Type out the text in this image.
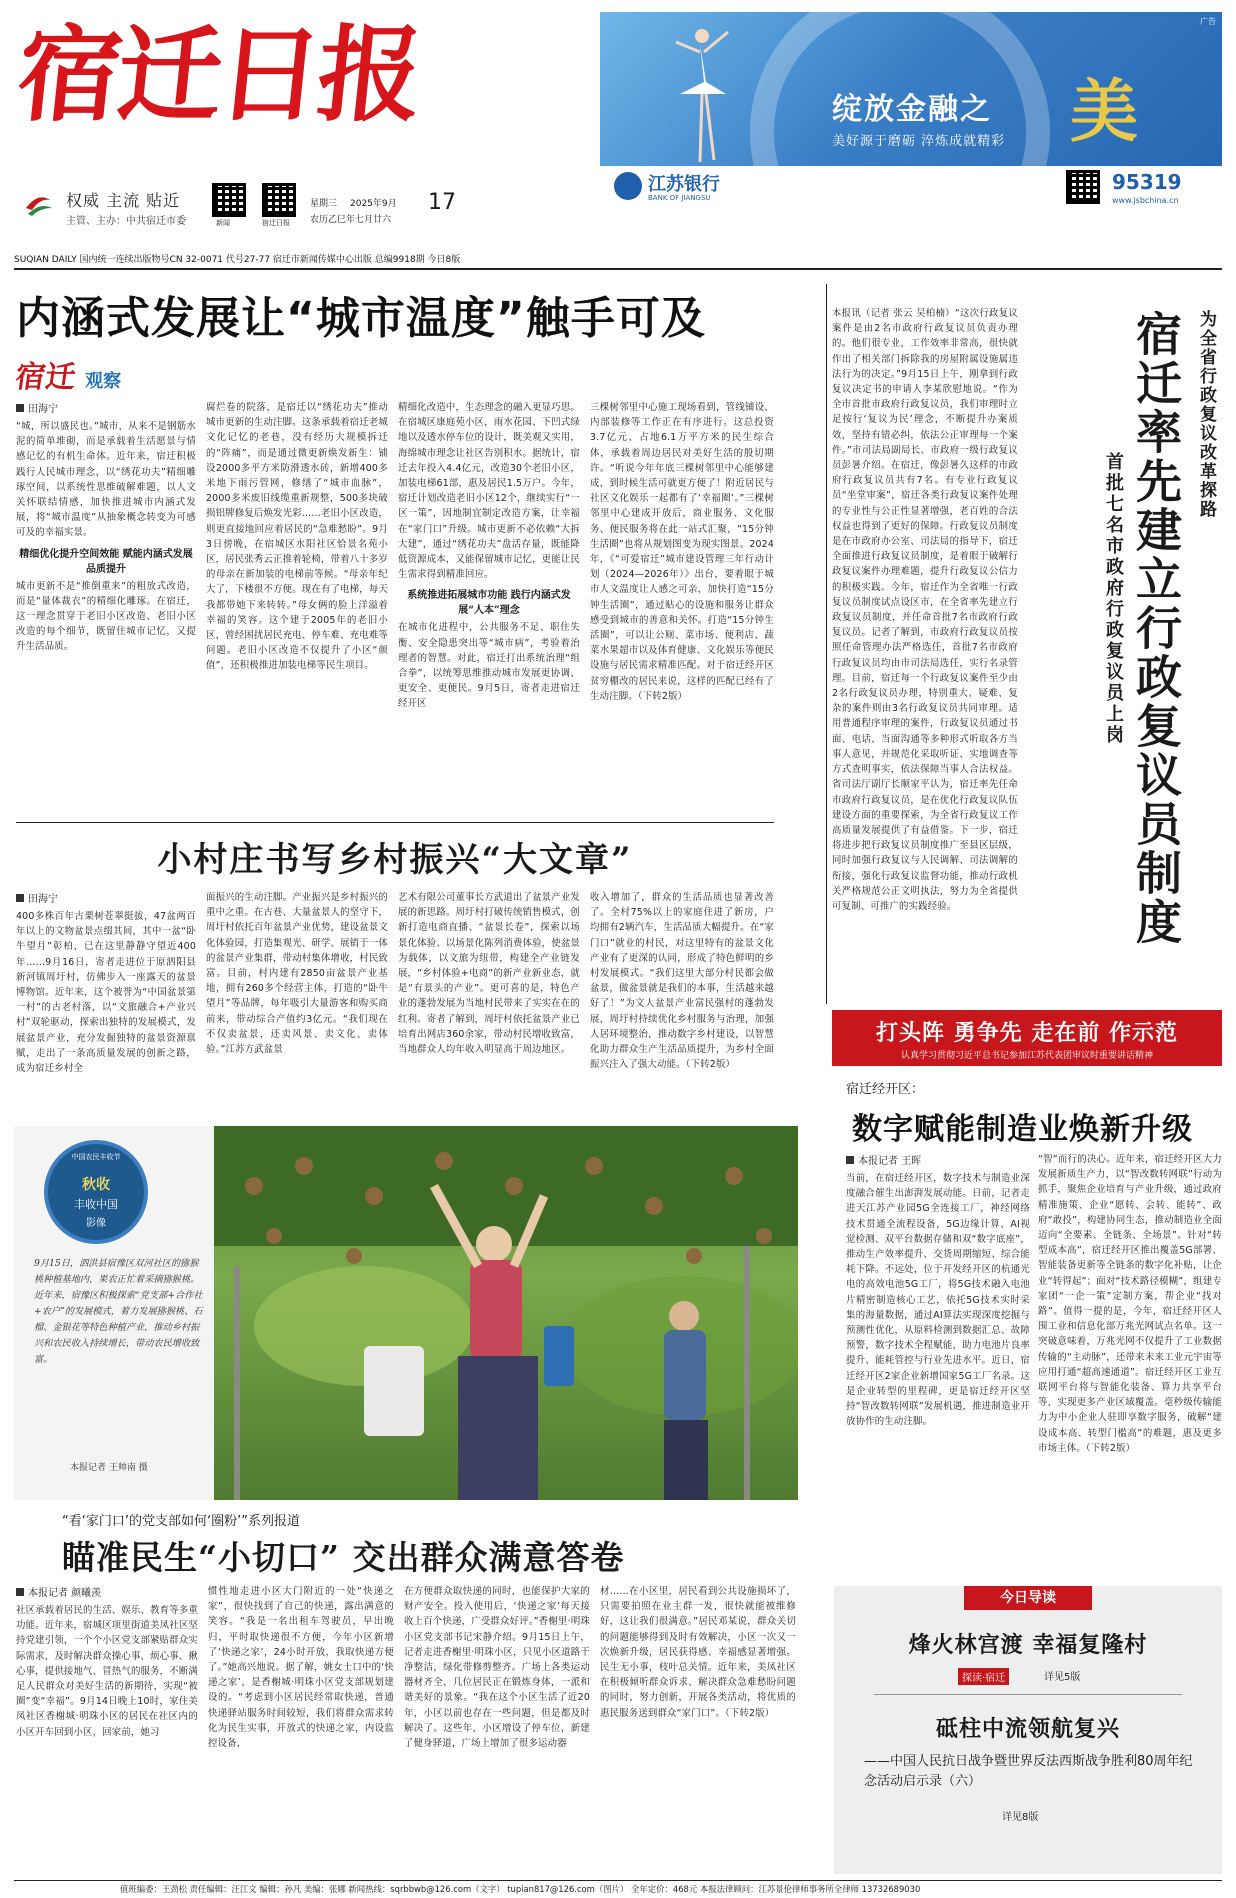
宿迁日报
权威 主流 贴近
主管、主办：中共宿迁市委	新闻	宿迁日报
星期三 2025年9月
农历乙巳年七月廿六
17
广告
绽放金融之 美
美好源于磨砺 淬炼成就精彩
江苏银行
BANK OF JIANGSU
95319
www.jsbchina.cn
SUQIAN DAILY 国内统一连续出版物号CN 32-0071 代号27-77 宿迁市新闻传媒中心出版 总编9918期 今日8版
内涵式发展让“城市温度”触手可及
宿迁 观察
田海宁
“城，所以盛民也。”城市，从来不是钢筋水泥的简单堆砌，而是承载着生活愿景与情感记忆的有机生命体。近年来，宿迁积极践行人民城市理念，以“绣花功夫”精细雕琢空间，以系统性思维破解难题，以人文关怀联结情感，加快推进城市内涵式发展，将“城市温度”从抽象概念转变为可感可及的幸福实景。
精细优化提升空间效能 赋能内涵式发展品质提升
城市更新不是“推倒重来”的粗放式改造，而是“量体裁衣”的精细化雕琢。在宿迁，这一理念贯穿于老旧小区改造、老旧小区改造的每个细节，既留住城市记忆，又提升生活品质。
腐烂卷的院落，是宿迁以“绣花功夫”推动城市更新的生动注脚。这条承载着宿迁老城文化记忆的老巷，没有经历大规模拆迁的“阵痛”，而是通过微更新焕发新生：铺设2000多平方米防滑透水砖，新增400多米地下雨污管网，修缮了“城市血脉”，2000多米废旧线缆重新规整，500多块破损铝牌修复后焕发光彩……老旧小区改造，则更直接地回应着居民的“急难愁盼”。9月3日傍晚，在宿城区水阳社区恰景名苑小区，居民张秀云正推着轮椅，带着八十多岁的母亲在新加装的电梯前等候。“母亲年纪大了，下楼很不方便。现在有了电梯，每天我都带她下来转转。”母女俩的脸上洋溢着幸福的笑容。这个建于2005年的老旧小区，曾经困扰居民充电、停车难、充电难等问题。老旧小区改造不仅提升了小区“颜值”，还积极推进加装电梯等民生项目。
精细化改造中，生态理念的融入更显巧思。在宿城区康庭苑小区，雨水花园、下凹式绿地以及透水停车位的设计，既美观又实用，海绵城市理念让社区告别积水。据统计，宿迁去年投入4.4亿元，改造30个老旧小区，加装电梯61部，惠及居民1.5万户。今年，宿迁计划改造老旧小区12个，继续实行“一区一策”，因地制宜制定改造方案，让幸福在“家门口”升级。城市更新不必依赖“大拆大建”，通过“绣花功夫”盘活存量，既能降低资源成本，又能保留城市记忆，更能让民生需求得到精准回应。
系统推进拓展城市功能 践行内涵式发展“人本”理念
在城市化进程中，公共服务不足、职住失衡、安全隐患突出等“城市病”，考验着治理者的智慧。对此，宿迁打出系统治理“组合拳”，以统筹思维推动城市发展更协调、更安全、更便民。9月5日，寄者走进宿迁经开区
三棵树邻里中心施工现场看到，管线铺设、内部装修等工作正在有序进行。这总投资3.7亿元、占地6.1万平方米的民生综合体，承载着周边居民对美好生活的殷切期许。“听说今年年底三棵树邻里中心能够建成，到时候生活可就更方便了！附近居民与社区文化娱乐一起都有了‘幸福圈’。”三棵树邻里中心建成开放后，商业服务、文化服务、便民服务将在此一站式汇聚，“15分钟生活圈”也将从规划图变为现实图景。2024年，《“可爱宿迁”城市建设管理三年行动计划（2024—2026年）》出台，要着眼于城市人文温度让人感之可亲，加快打造“15分钟生活圈”，通过贴心的设施和服务让群众感受到城市的善意和关怀。打造“15分钟生活圈”，可以让公厕、菜市场、便利店、蔬菜水果超市以及体育健康、文化娱乐等便民设施与居民需求精准匹配。对于宿迁经开区贫穷棚改的居民来说，这样的匹配已经有了生动注脚。（下转2版）
本报讯（记者 张云 吴柏楠）“这次行政复议案件是由2名市政府行政复议员负责办理的。他们很专业，工作效率非常高，很快就作出了相关部门拆除我的房屋附属设施属违法行为的决定。”9月15日上午，刚拿到行政复议决定书的申请人李某欣慰地说。“作为全市首批市政府行政复议员，我们审理时立足按行‘复议为民’理念，不断提升办案质效，坚持有错必纠，依法公正审理每一个案件。”市司法局副局长、市政府一级行政复议员彭暑介绍。在宿迁，像彭暑久这样的市政府行政复议员共有7名。有专业行政复议员“坐堂审案”，宿迁各类行政复议案件处理的专业性与公正性显著增强，老百姓的合法权益也得到了更好的保障。行政复议员制度是在市政府办公室、司法局的指导下，宿迁全面推进行政复议员制度，是着眼于破解行政复议案件办理难题，提升行政复议公信力的积极实践。今年，宿迁作为全省唯一行政复议员制度试点设区市，在全省率先建立行政复议员制度，并任命首批7名市政府行政复议员。记者了解到，市政府行政复议员按照任命管理办法严格选任，首批7名市政府行政复议员均由市司法局选任，实行名录管理。目前，宿迁每一个行政复议案件至少由2名行政复议员办理，特别重大、疑难、复杂的案件则由3名行政复议员共同审理。适用普通程序审理的案件，行政复议员通过书面、电话、当面沟通等多种形式听取各方当事人意见，并规范化采取听证、实地调查等方式查明事实，依法保障当事人合法权益。省司法厅副厅长顺家平认为，宿迁率先任命市政府行政复议员，是在优化行政复议队伍建设方面的重要探索，为全省行政复议工作高质量发展提供了有益借鉴。下一步，宿迁将进步把行政复议员制度推广至县区层级，同时加强行政复议与人民调解、司法调解的衔接，强化行政复议监督功能，推动行政机关严格规范公正文明执法，努力为全省提供可复制、可推广的实践经验。
为全省行政复议改革探路
宿迁率先建立行政复议员制度
首批七名市政府行政复议员上岗
打头阵 勇争先 走在前 作示范
认真学习贯彻习近平总书记参加江苏代表团审议时重要讲话精神
宿迁经开区：
数字赋能制造业焕新升级
本报记者 王晖
当前，在宿迁经开区，数字技术与制造业深度融合催生出澎湃发展动能。日前，记者走进天江苏产业园5G全连接工厂，神经网络技术贯通全流程设备，5G边缘计算、AI视觉检测、双平台数据存储和双“数字底座”，推动生产效率提升、交货周期缩短、综合能耗下降。不远处，位于开发经开区的杭通光电的高效电池5G工厂，将5G技术融入电池片精密制造核心工艺，依托5G技术实时采集的海量数据，通过AI算法实现深度挖掘与预测性优化，从原料检测到数据汇总、故障预警，数字技术全程赋能，助力电池片良率提升、能耗管控与行业先进水平。近日，宿迁经开区2家企业新增国家5G工厂名录。这是企业转型的里程碑，更是宿迁经开区坚持“智改数转网联”发展机遇，推进制造业开放协作的生动注脚。
“智”而行的决心。近年来，宿迁经开区大力发展新质生产力，以“智改数转网联”行动为抓手，聚焦企业培育与产业升级，通过政府精准施策、企业“愿转、会转、能转”、政府“敢投”，构建协同生态，推动制造业全面迈向“全要素、全链条、全场景”。针对“转型成本高”，宿迁经开区推出覆盖5G部署、智能装备更新等全链条的数字化补贴，让企业“转得起”；面对“技术路径模糊”，组建专家团“一企一策”定制方案，帮企业“找对路”。值得一提的是，今年，宿迁经开区人围工业和信息化部万兆光网试点名单。这一突破意味着，万兆光网不仅提升了工业数据传输的“主动脉”，还带来未来工业元宇宙等应用打通“超高速通道”。宿迁经开区工业互联网平台将与智能化装备、算力共享平台等，实现更多产业区域覆盖。毫秒级传输能力为中小企业人驻即享数字服务，破解“建设成本高、转型门槛高”的难题，惠及更多市场主体。（下转2版）
小村庄书写乡村振兴“大文章”
田海宁
400多株百年古栗树苍翠挺拔，47盆两百年以上的文物盆景点缀其间，其中一盆“卧牛望月”彰柏，已在这里静静守望近400年……9月16日，寄者走进位于原泗阳县新河镇周圩村，仿佛步入一座露天的盆景博物馆。近年来，这个被誉为“中国盆景第一村”的古老村落，以“文旅融合+产业兴村”双轮驱动，探索出独特的发展模式，发展盆景产业，充分发掘独特的盆景资源禀赋，走出了一条高质量发展的创新之路，成为宿迁乡村全
面振兴的生动注脚。产业振兴是乡村振兴的重中之重。在古巷、大量盆景人的坚守下，周圩村依托百年盆景产业优势，建设盆景文化体验园，打造集观光、研学、展销于一体的盆景产业集群，带动村集体增收，村民致富。目前，村内建有2850亩盆景产业基地，拥有260多个经营主体，打造的“卧牛望月”等品牌，每年吸引大量游客和购买商前来，带动综合产值约3亿元。“我们现在不仅卖盆景，还卖风景、卖文化、卖体验。”江苏方武盆景
艺术有限公司董事长方武道出了盆景产业发展的新思路。周圩村打破传统销售模式，创新打造电商直播、“盆景长卷”，探索以场景化体验、以场景化陈列消费体验，使盆景为载体，以文旅为纽带，构建全产业链发展，“乡村体验+电商”的新产业新业态，就是“有景头的产业”。更可喜的是，特色产业的蓬勃发展为当地村民带来了实实在在的红利。寄者了解到，周圩村依托盆景产业已培育出网店360余家，带动村民增收致富，当地群众人均年收入明显高于周边地区。
收入增加了，群众的生活品质也显著改善了。全村75%以上的家庭住进了新房，户均拥有2辆汽车，生活品质大幅提升。在“家门口”就业的村民，对这里特有的盆景文化产业有了更深的认同，形成了特色鲜明的乡村发展模式。“我们这里大部分村民都会做盆景，做盆景就是我们的本事，生活越来越好了！”为文人盆景产业富民强村的蓬勃发展，周圩村持续优化乡村服务与治理，加强人居环境整治，推动数字乡村建设，以智慧化助力群众生产生活品质提升，为乡村全面振兴注入了强大动能。（下转2版）
中国农民丰收节
秋收
丰收中国
影像
9月15日，泗洪县宿豫区双河社区的猕猴桃种植基地内，果农正忙着采摘猕猴桃。近年来，宿豫区积极探索“党支部+合作社+农户”的发展模式，着力发展猕猴桃、石榴、金银花等特色种植产业，推动乡村振兴和农民收入持续增长，带动农民增收致富。
本报记者 王帅南 摄
“看‘家门口’的党支部如何‘圈粉’”系列报道
瞄准民生“小切口” 交出群众满意答卷
本报记者 颜曦羡
社区承载着居民的生活、娱乐、教育等多重功能。近年来，宿城区项里街道美凤社区坚持党建引领，一个个小区党支部紧贴群众实际需求，及时解决群众操心事、烦心事、揪心事，提供接地气、冒热气的服务，不断满足人民群众对美好生活的新期待，实现“被圈”变“幸福”。9月14日晚上10时，家住美凤社区香榭城·明珠小区的居民在社区内的小区开车回到小区，回家前，她习
惯性地走进小区大门附近的一处“快递之家”，很快找到了自己的快递，露出满意的笑容。“我是一名出租车驾驶员，早出晚归，平时取快递很不方便，今年小区新增了‘快递之家’，24小时开放，我取快递方便了。”她高兴地说。据了解，姚女士口中的‘快递之家’，是香榭城·明珠小区党支部规划建设的。“考虑到小区居民经常取快递，普通快递驿站服务时间较短，我们将群众需求转化为民生实事，开放式的快递之家，内设监控设备，
在方便群众取快递的同时，也能保护大家的财产安全。投入使用后，‘快递之家’每天接收上百个快递，广受群众好评。”香榭里·明珠小区党支部书记宋静介绍。9月15日上午，记者走进香榭里·明珠小区，只见小区道路干净整洁，绿化带修剪整齐。广场上各类运动器材齐全，几位居民正在锻炼身体，一派和谐美好的景象。“我在这个小区生活了近20年，小区以前也存在一些问题，但是都及时解决了。这些年，小区增设了停车位，新建了健身驿道，广场上增加了很多运动器
材……在小区里，居民看到公共设施损坏了，只需要拍照在业主群一发，很快就能被维修好，这让我们很满意。”居民邓某说，群众关切的问题能够得到及时有效解决，小区一次又一次焕新升级，居民获得感、幸福感显著增强。民生无小事，枝叶总关情。近年来，美凤社区在积极倾听群众诉求、解决群众急难愁盼问题的同时，努力创新，开展各类活动，将优质的惠民服务送到群众“家门口”。（下转2版）
今日导读
烽火林宫渡 幸福复隆村
探读·宿迁	详见5版
砥柱中流领航复兴
——中国人民抗日战争暨世界反法西斯战争胜利80周年纪念活动启示录（六）
详见8版
值班编委：王劲松 责任编辑：汪江文 编辑：孙凡 美编：张娜 新闻热线：sqrbbwb@126.com（文字） tupian817@126.com（图片） 全年定价：468元 本报法律顾问：江苏景伦律师事务所全律师 13732689030
